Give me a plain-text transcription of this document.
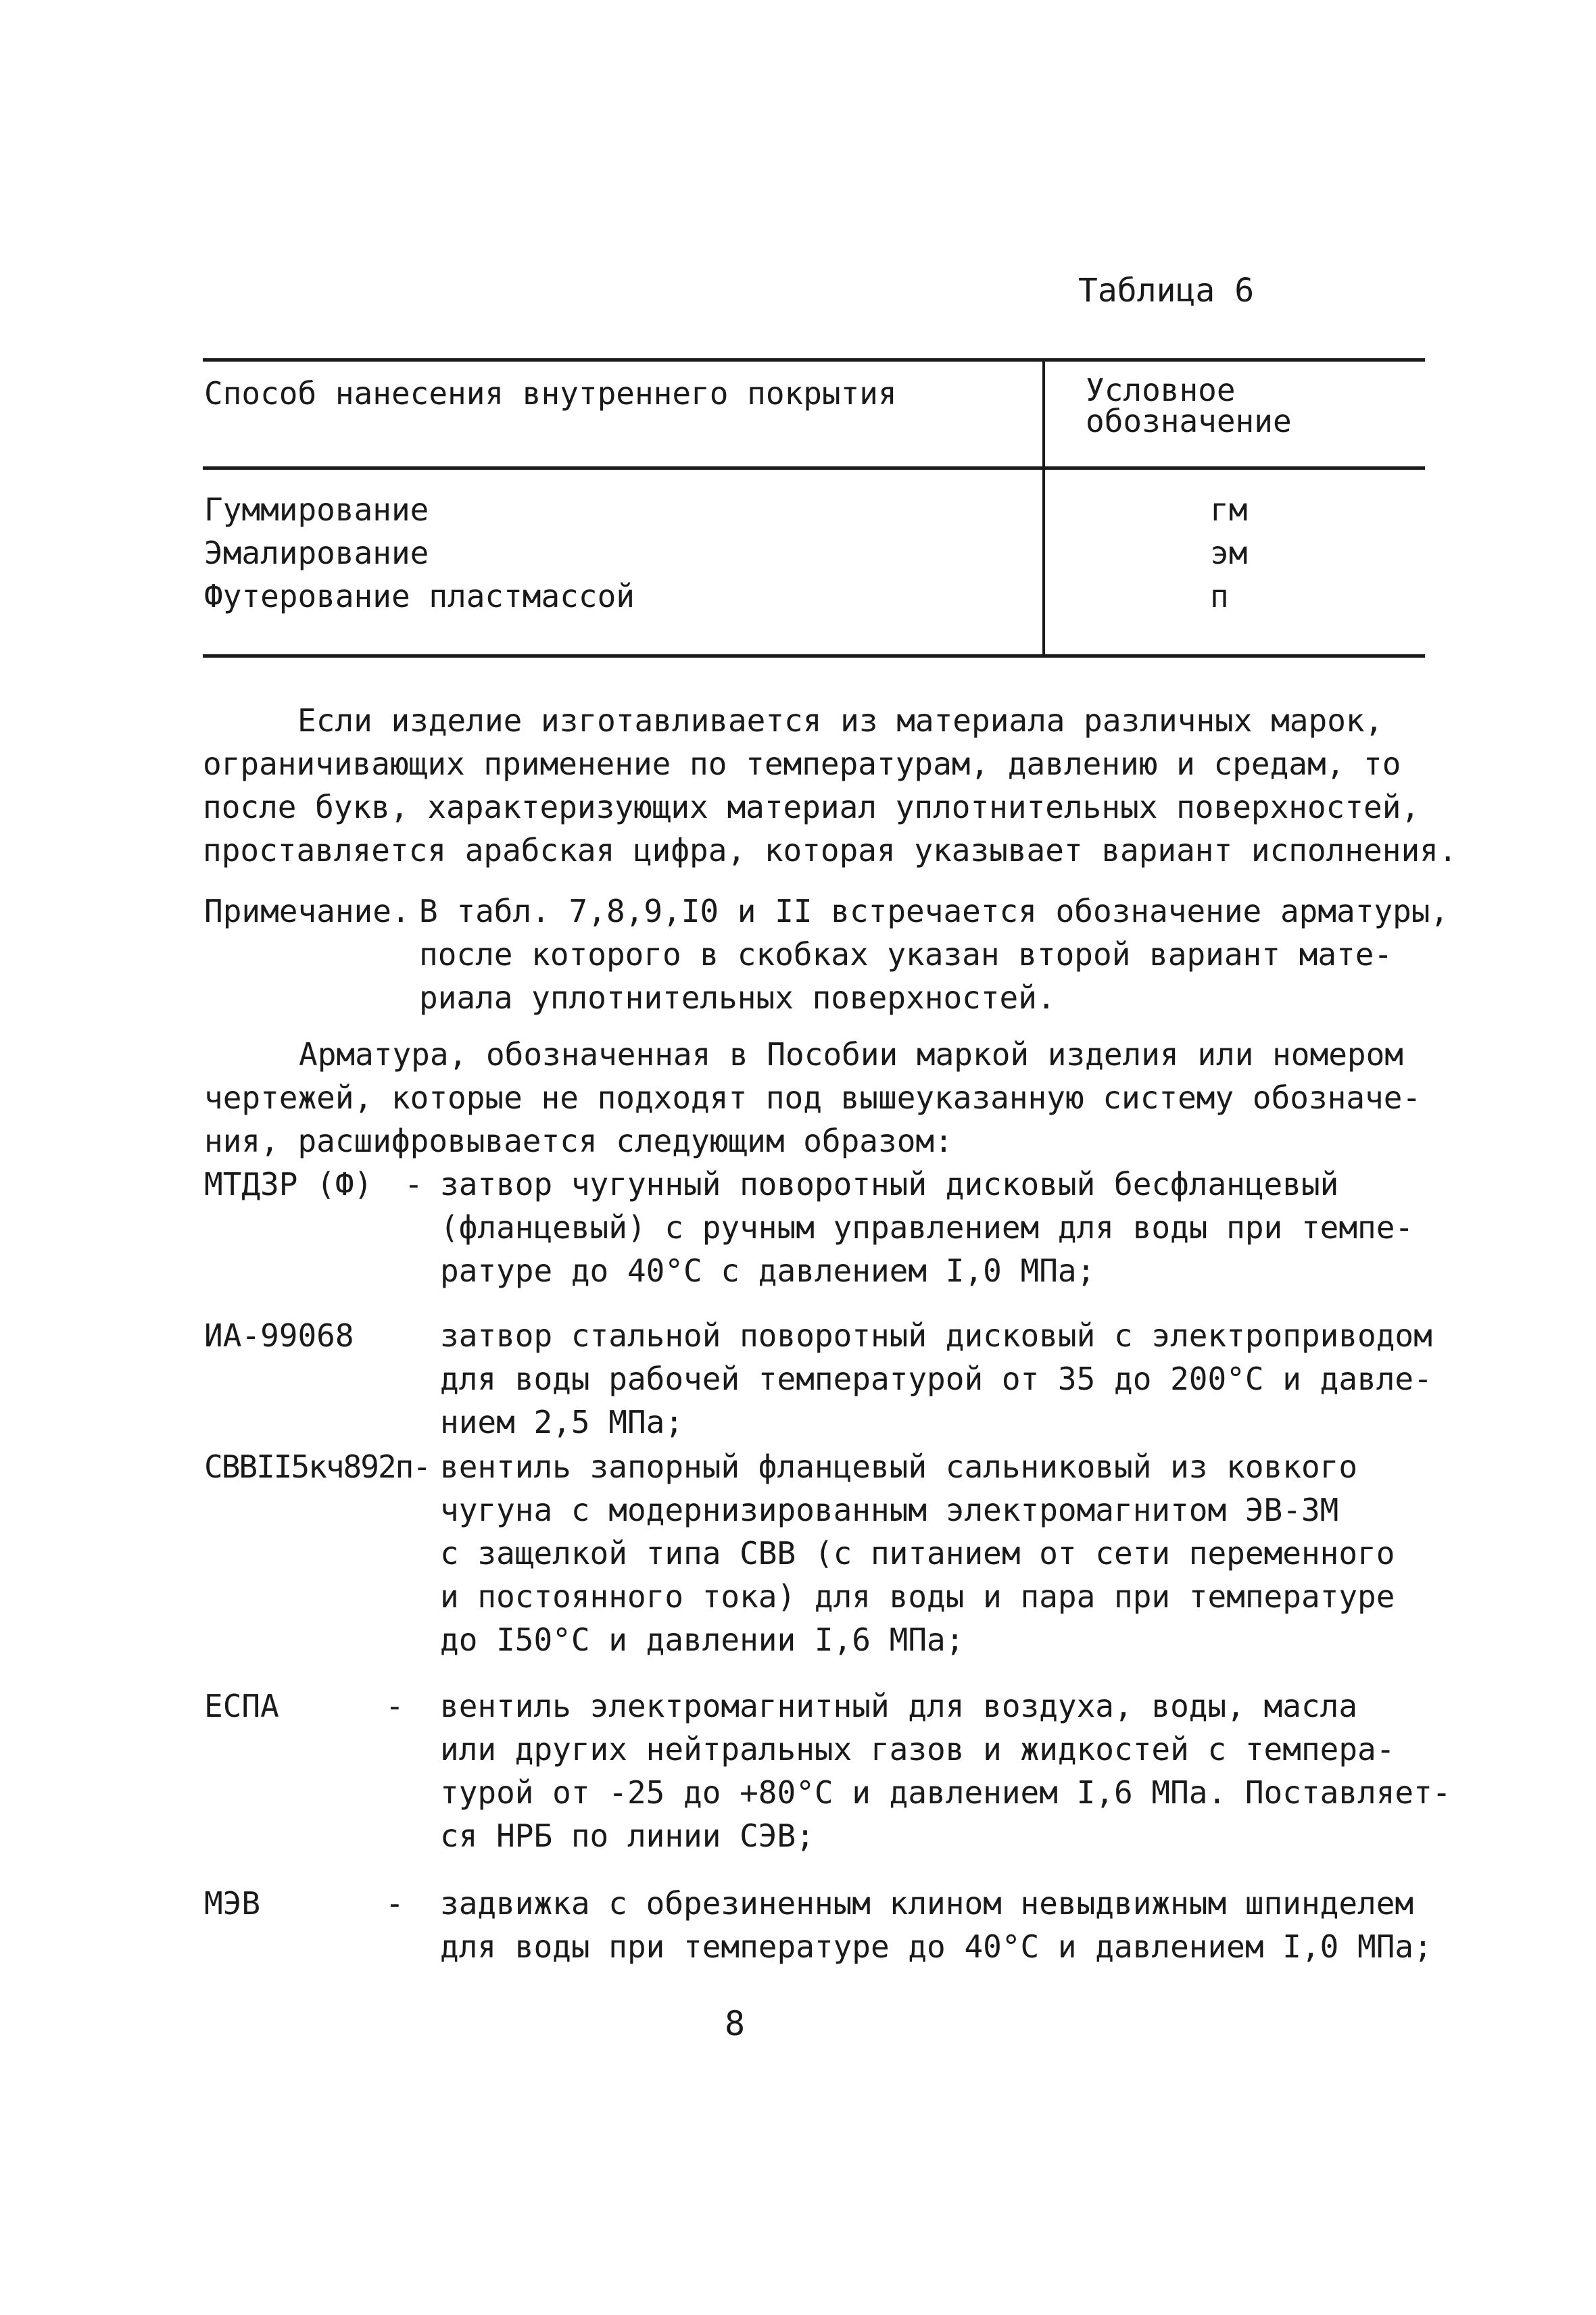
Таблица 6
Способ нанесения внутреннего покрытия	Условное
обозначение
Гуммирование	гм
Эмалирование	эм
Футерование пластмассой	п
Если изделие изготавливается из материала различных марок,
ограничивающих применение по температурам, давлению и средам, то
после букв, характеризующих материал уплотнительных поверхностей,
проставляется арабская цифра, которая указывает вариант исполнения.
Примечание. В табл. 7,8,9,I0 и II встречается обозначение арматуры,
после которого в скобках указан второй вариант мате-
риала уплотнительных поверхностей.
Арматура, обозначенная в Пособии маркой изделия или номером
чертежей, которые не подходят под вышеуказанную систему обозначе-
ния, расшифровывается следующим образом:
МТДЗР (Ф) - затвор чугунный поворотный дисковый бесфланцевый
(фланцевый) с ручным управлением для воды при темпе-
ратуре до 40°С с давлением I,0 МПа;
ИА-99068	затвор стальной поворотный дисковый с электроприводом
для воды рабочей температурой от 35 до 200°С и давле-
нием 2,5 МПа;
СВВII5кч892п- вентиль запорный фланцевый сальниковый из ковкого
чугуна с модернизированным электромагнитом ЭВ-3М
с защелкой типа СВВ (с питанием от сети переменного
и постоянного тока) для воды и пара при температуре
до I50°С и давлении I,6 МПа;
ЕСПА	- вентиль электромагнитный для воздуха, воды, масла
или других нейтральных газов и жидкостей с темпера-
турой от -25 до +80°С и давлением I,6 МПа. Поставляет-
ся НРБ по линии СЭВ;
МЭВ	- задвижка с обрезиненным клином невыдвижным шпинделем
для воды при температуре до 40°С и давлением I,0 МПа;
8
